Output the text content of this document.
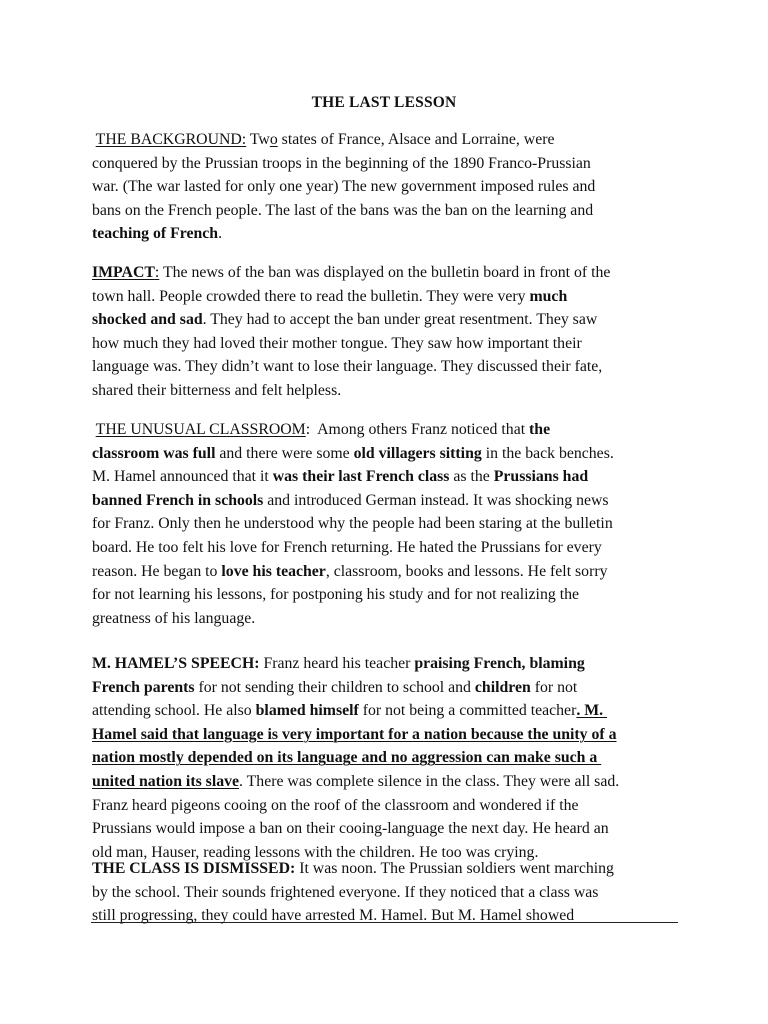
THE LAST LESSON
THE BACKGROUND: Two states of France, Alsace and Lorraine, were
conquered by the Prussian troops in the beginning of the 1890 Franco-Prussian
war. (The war lasted for only one year) The new government imposed rules and
bans on the French people. The last of the bans was the ban on the learning and
teaching of French.
IMPACT: The news of the ban was displayed on the bulletin board in front of the
town hall. People crowded there to read the bulletin. They were very much
shocked and sad. They had to accept the ban under great resentment. They saw
how much they had loved their mother tongue. They saw how important their
language was. They didn’t want to lose their language. They discussed their fate,
shared their bitterness and felt helpless.
THE UNUSUAL CLASSROOM:  Among others Franz noticed that the
classroom was full and there were some old villagers sitting in the back benches.
M. Hamel announced that it was their last French class as the Prussians had
banned French in schools and introduced German instead. It was shocking news
for Franz. Only then he understood why the people had been staring at the bulletin
board. He too felt his love for French returning. He hated the Prussians for every
reason. He began to love his teacher, classroom, books and lessons. He felt sorry
for not learning his lessons, for postponing his study and for not realizing the
greatness of his language.
M. HAMEL’S SPEECH: Franz heard his teacher praising French, blaming
French parents for not sending their children to school and children for not
attending school. He also blamed himself for not being a committed teacher. M.
Hamel said that language is very important for a nation because the unity of a
nation mostly depended on its language and no aggression can make such a
united nation its slave. There was complete silence in the class. They were all sad.
Franz heard pigeons cooing on the roof of the classroom and wondered if the
Prussians would impose a ban on their cooing-language the next day. He heard an
old man, Hauser, reading lessons with the children. He too was crying.
THE CLASS IS DISMISSED: It was noon. The Prussian soldiers went marching
by the school. Their sounds frightened everyone. If they noticed that a class was
still progressing, they could have arrested M. Hamel. But M. Hamel showed
